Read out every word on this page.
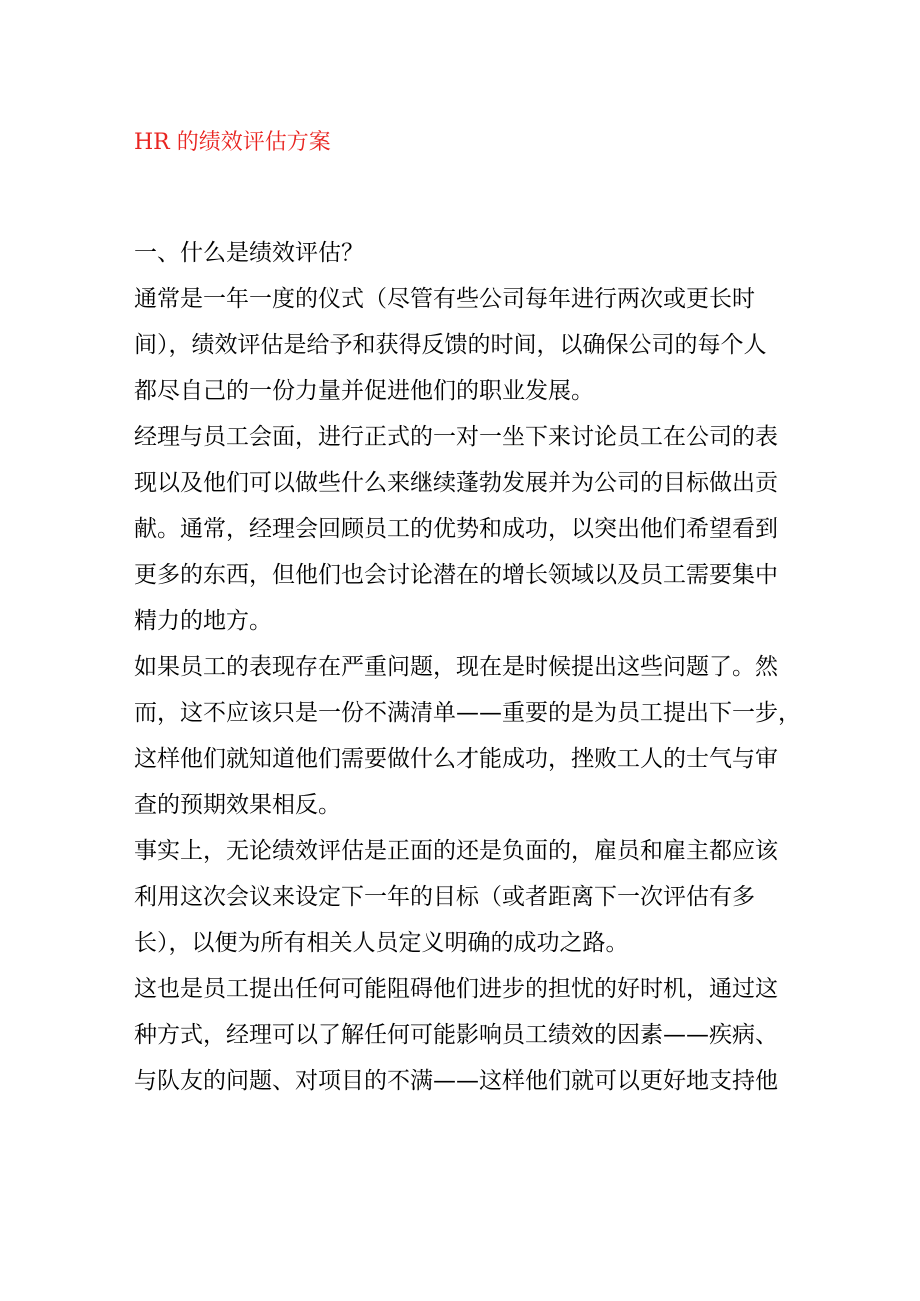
HR 的绩效评估方案
一、什么是绩效评估？
通常是一年一度的仪式（尽管有些公司每年进行两次或更长时
间），绩效评估是给予和获得反馈的时间，以确保公司的每个人
都尽自己的一份力量并促进他们的职业发展。
经理与员工会面，进行正式的一对一坐下来讨论员工在公司的表
现以及他们可以做些什么来继续蓬勃发展并为公司的目标做出贡
献。通常，经理会回顾员工的优势和成功，以突出他们希望看到
更多的东西，但他们也会讨论潜在的增长领域以及员工需要集中
精力的地方。
如果员工的表现存在严重问题，现在是时候提出这些问题了。然
而，这不应该只是一份不满清单——重要的是为员工提出下一步，
这样他们就知道他们需要做什么才能成功，挫败工人的士气与审
查的预期效果相反。
事实上，无论绩效评估是正面的还是负面的，雇员和雇主都应该
利用这次会议来设定下一年的目标（或者距离下一次评估有多
长），以便为所有相关人员定义明确的成功之路。
这也是员工提出任何可能阻碍他们进步的担忧的好时机，通过这
种方式，经理可以了解任何可能影响员工绩效的因素——疾病、
与队友的问题、对项目的不满——这样他们就可以更好地支持他
